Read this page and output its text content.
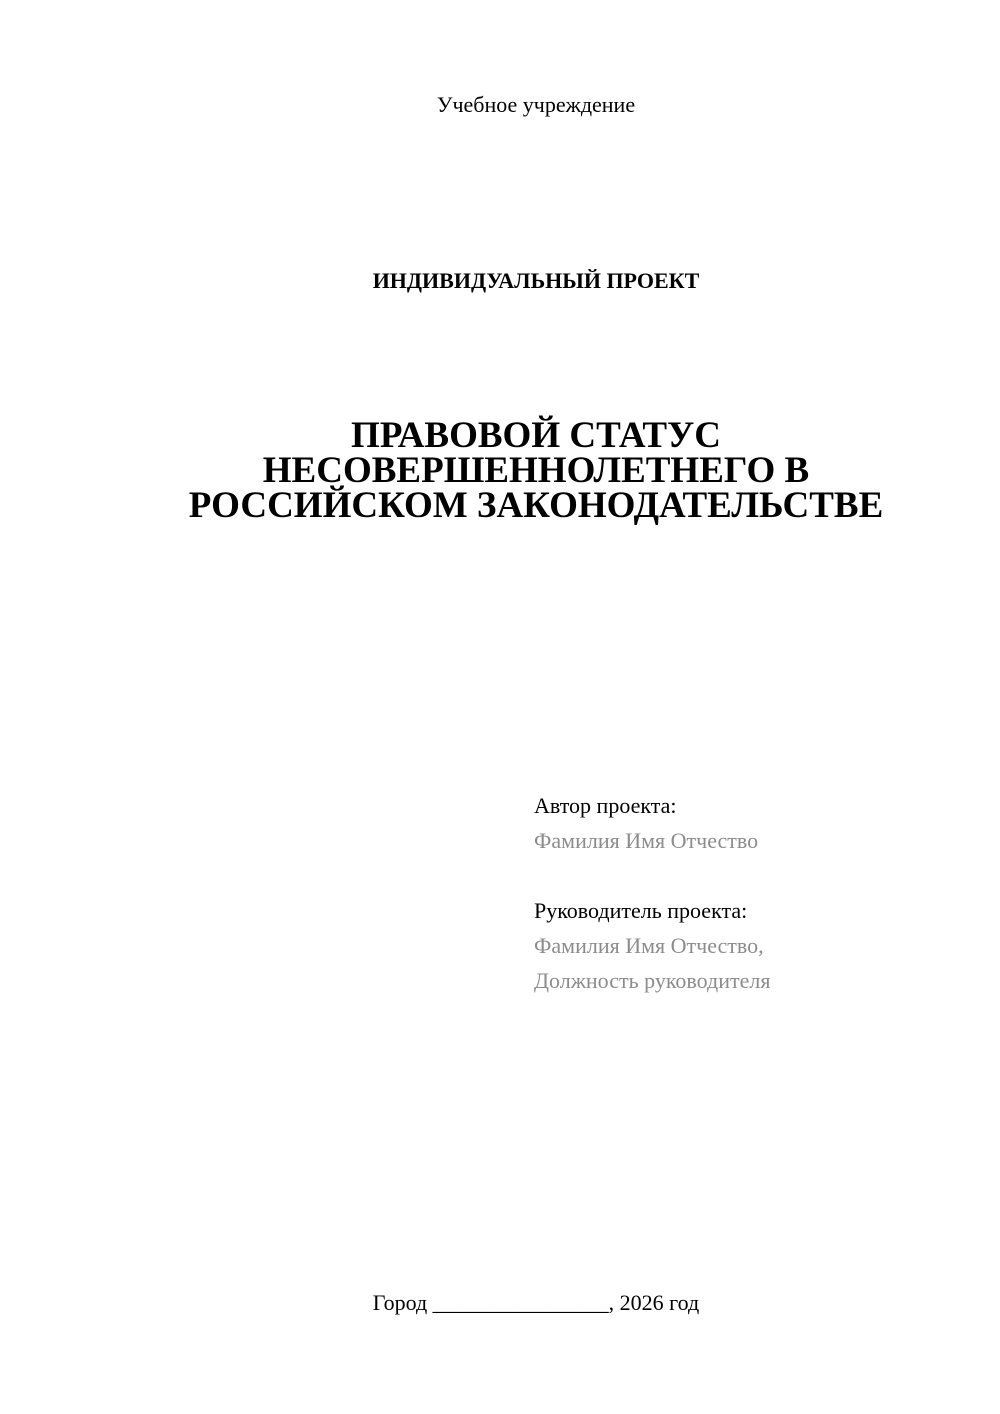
Учебное учреждение
ИНДИВИДУАЛЬНЫЙ ПРОЕКТ
ПРАВОВОЙ СТАТУС
НЕСОВЕРШЕННОЛЕТНЕГО В
РОССИЙСКОМ ЗАКОНОДАТЕЛЬСТВЕ
Автор проекта:
Фамилия Имя Отчество
Руководитель проекта:
Фамилия Имя Отчество,
Должность руководителя
Город ________________, 2026 год
